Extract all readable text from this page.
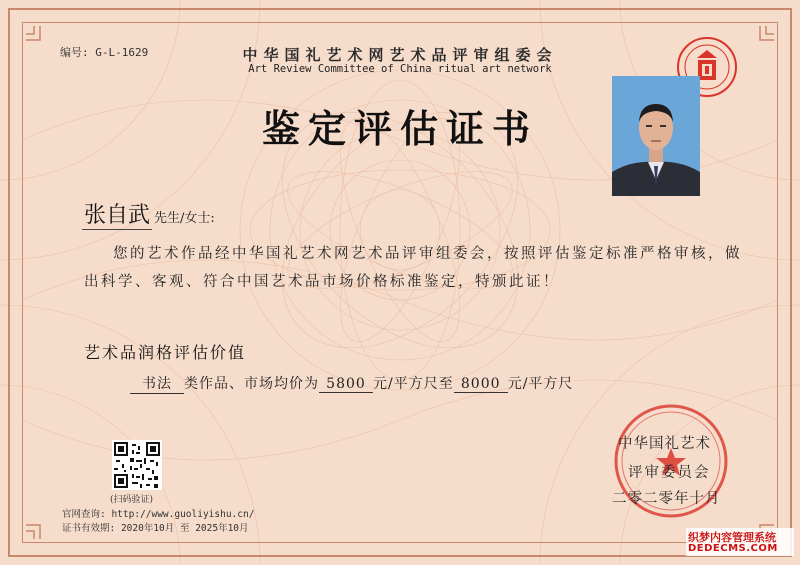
编号: G-L-1629	中华国礼艺术网艺术品评审组委会
Art Review Committee of China ritual art network
鉴定评估证书
张自武 先生/女士:
您的艺术作品经中华国礼艺术网艺术品评审组委会，按照评估鉴定标准严格审核，做出科学、客观、符合中国艺术品市场价格标准鉴定，特颁此证！
艺术品润格评估价值
书法 类作品、市场均价为 5800 元/平方尺至 8000 元/平方尺
(扫码验证)
官网查询: http://www.guoliyishu.cn/
证书有效期: 2020年10月 至 2025年10月
中华国礼艺术
评审委员会
二零二零年十月
织梦内容管理系统
DEDECMS.COM
